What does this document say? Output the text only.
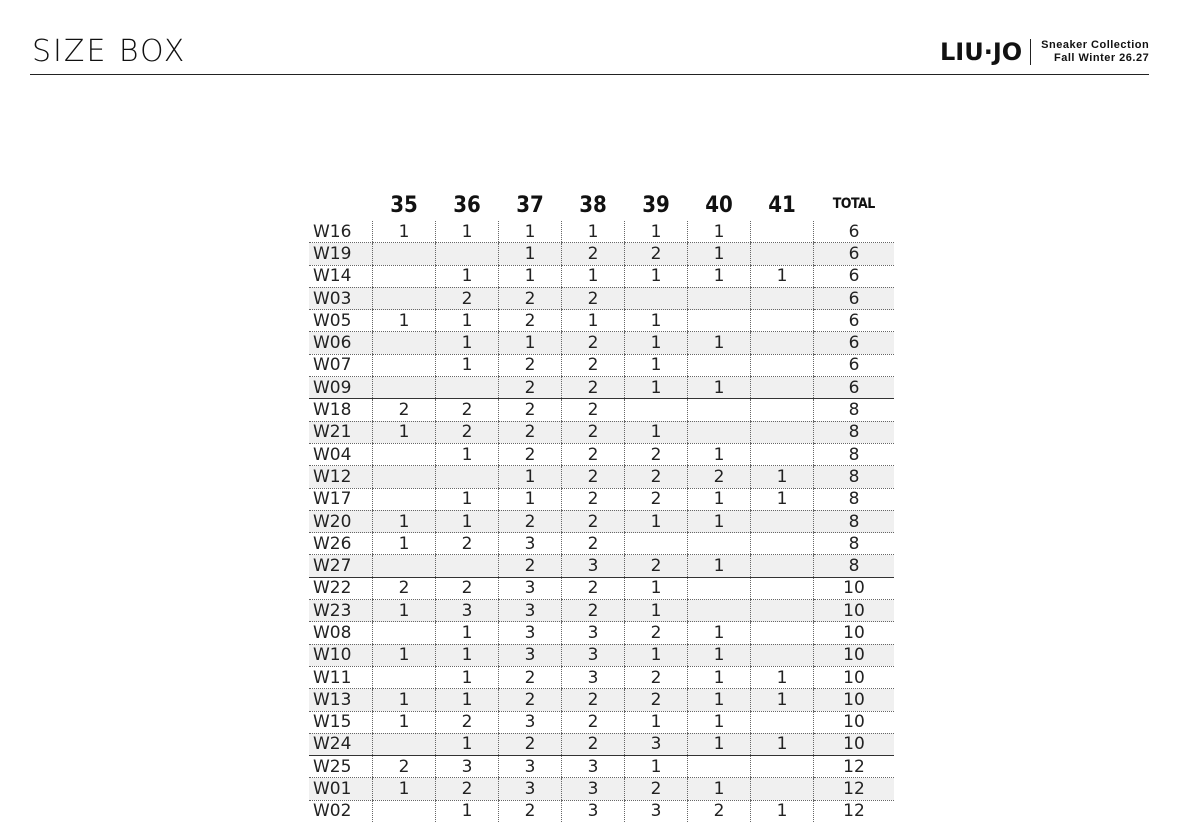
SIZE BOX	LIU·JO Sneaker Collection
Fall Winter 26.27
	35	36	37	38	39	40	41	TOTAL
W16	1	1	1	1	1	1		6
W19			1	2	2	1		6
W14		1	1	1	1	1	1	6
W03		2	2	2				6
W05	1	1	2	1	1			6
W06		1	1	2	1	1		6
W07		1	2	2	1			6
W09			2	2	1	1		6
W18	2	2	2	2				8
W21	1	2	2	2	1			8
W04		1	2	2	2	1		8
W12			1	2	2	2	1	8
W17		1	1	2	2	1	1	8
W20	1	1	2	2	1	1		8
W26	1	2	3	2				8
W27			2	3	2	1		8
W22	2	2	3	2	1			10
W23	1	3	3	2	1			10
W08		1	3	3	2	1		10
W10	1	1	3	3	1	1		10
W11		1	2	3	2	1	1	10
W13	1	1	2	2	2	1	1	10
W15	1	2	3	2	1	1		10
W24		1	2	2	3	1	1	10
W25	2	3	3	3	1			12
W01	1	2	3	3	2	1		12
W02		1	2	3	3	2	1	12
